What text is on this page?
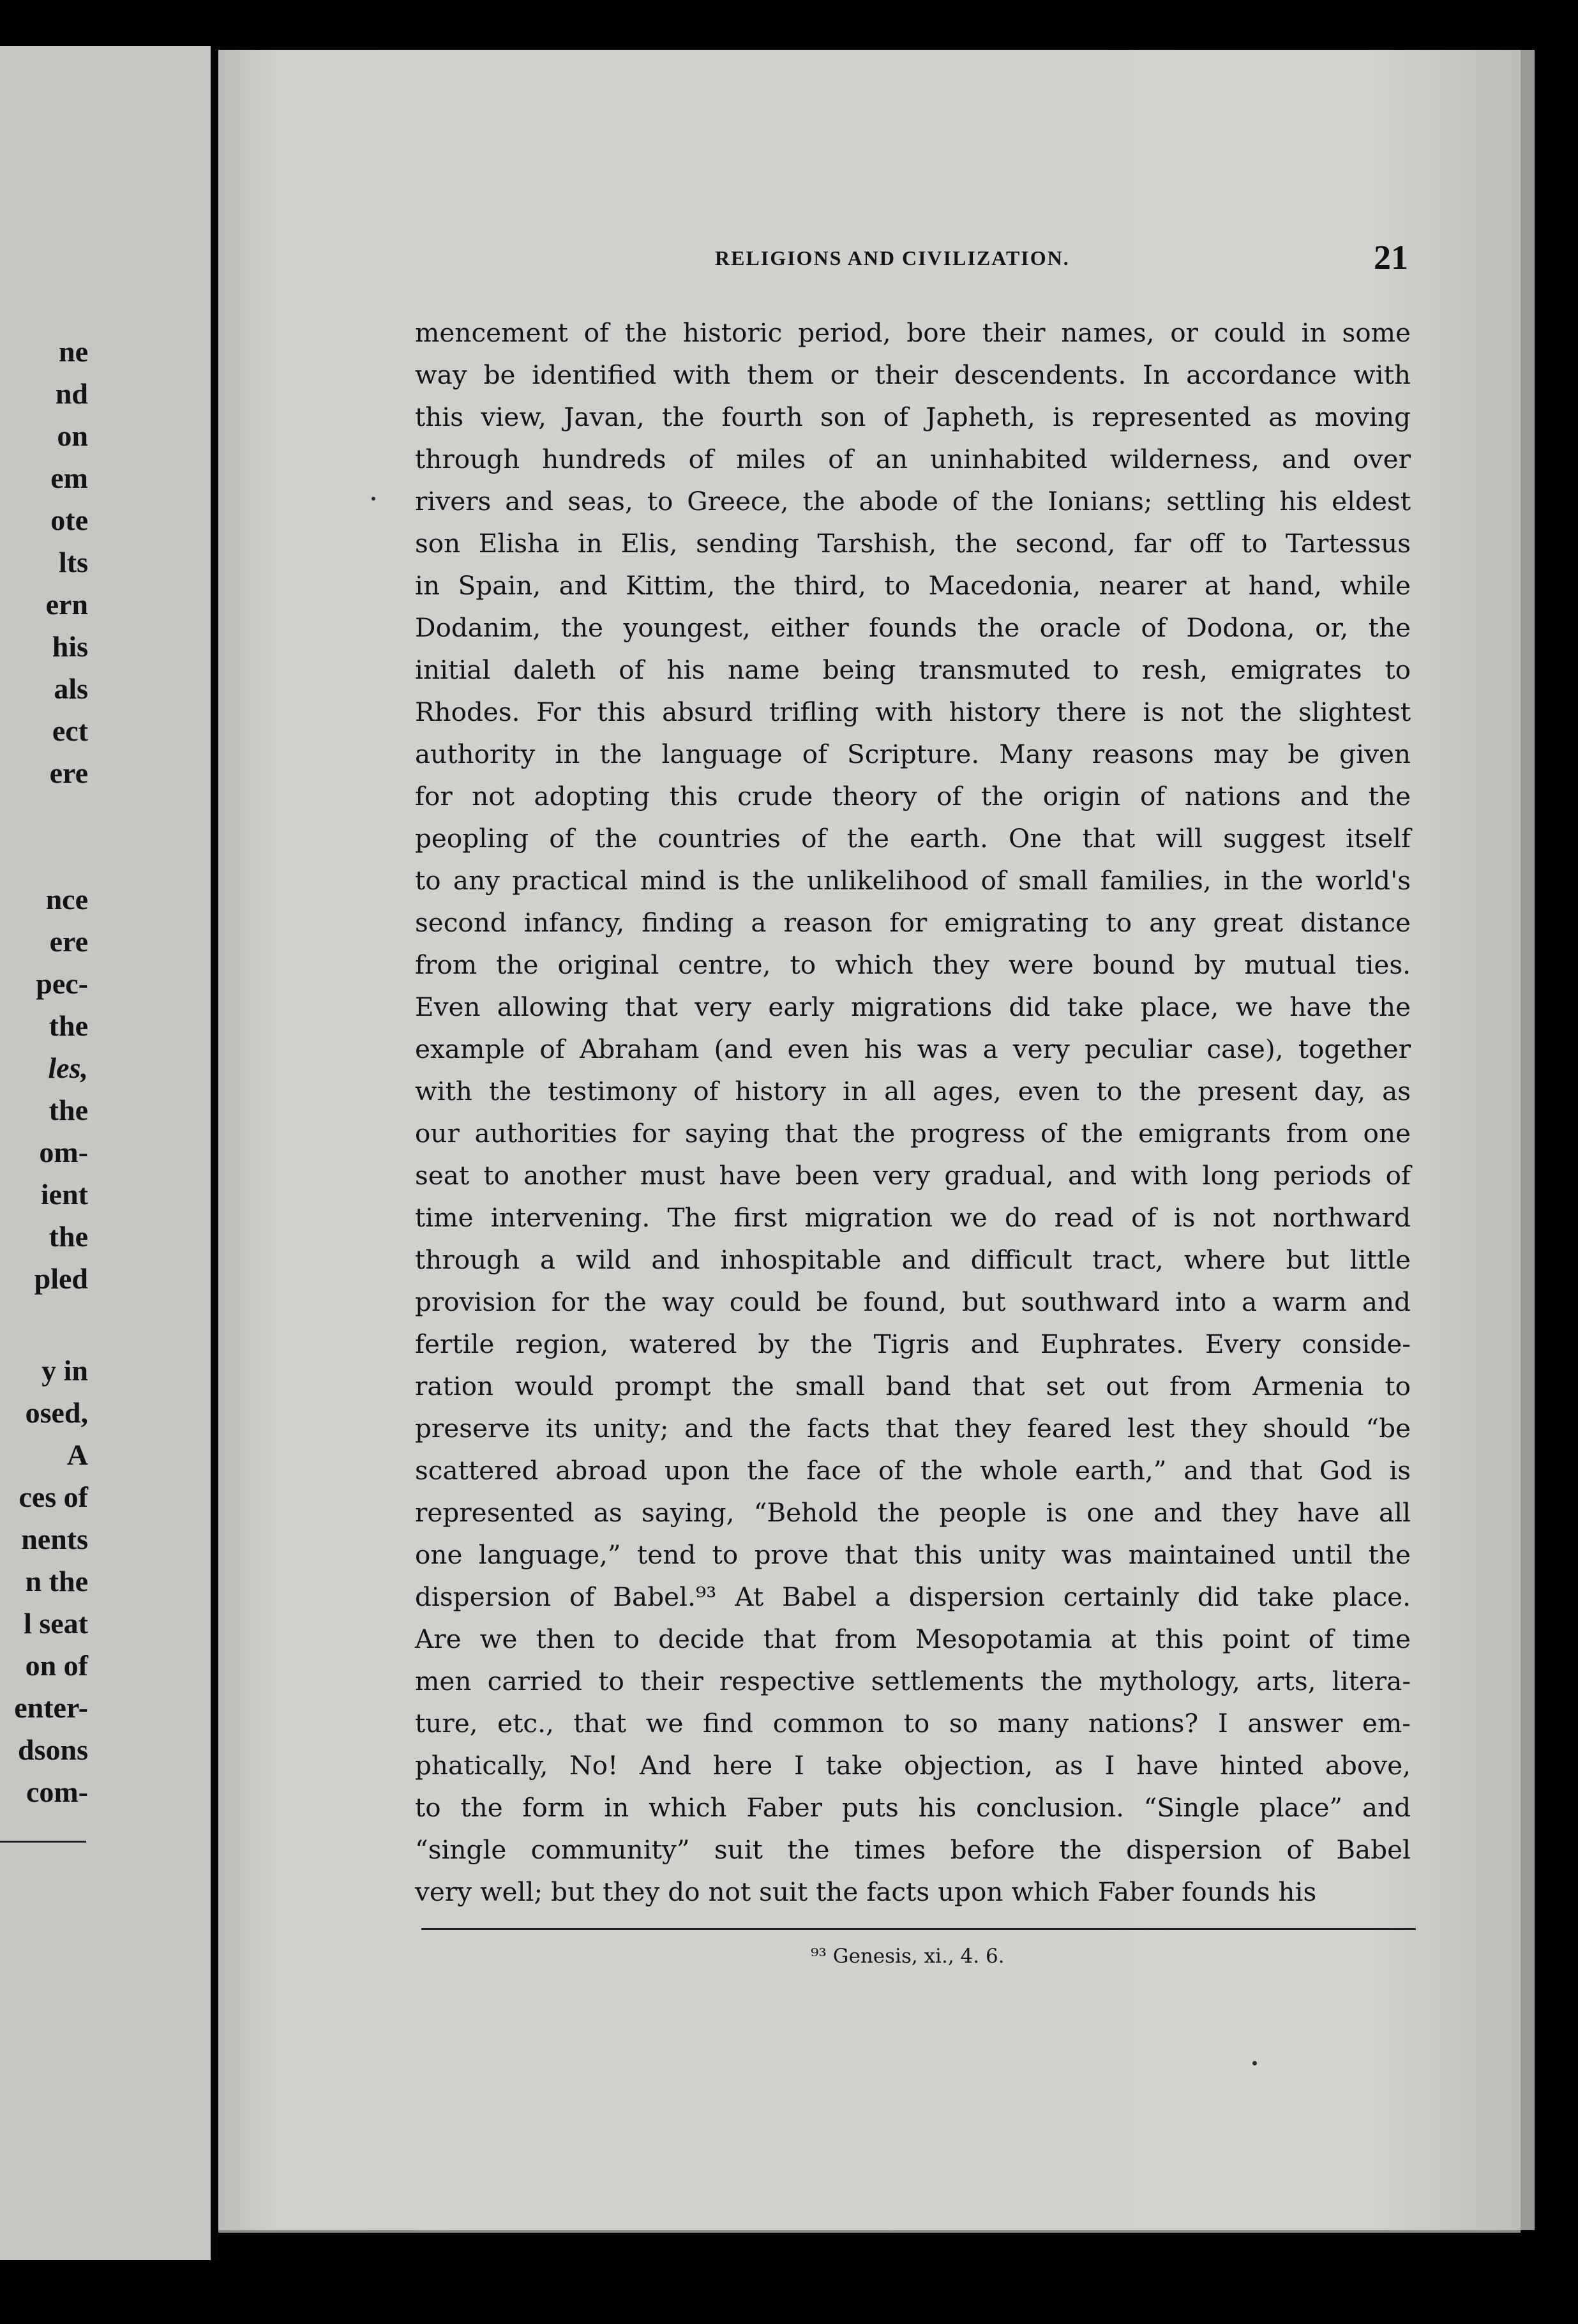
ne
nd
on
em
ote
lts
ern
his
als
ect
ere
nce
ere
pec-
the
les,
the
om-
ient
the
pled
y in
osed,
A
ces of
nents
n the
l seat
on of
enter-
dsons
com-
RELIGIONS AND CIVILIZATION.	21
mencement of the historic period, bore their names, or could in some
way be identified with them or their descendents. In accordance with
this view, Javan, the fourth son of Japheth, is represented as moving
through hundreds of miles of an uninhabited wilderness, and over
rivers and seas, to Greece, the abode of the Ionians; settling his eldest
son Elisha in Elis, sending Tarshish, the second, far off to Tartessus
in Spain, and Kittim, the third, to Macedonia, nearer at hand, while
Dodanim, the youngest, either founds the oracle of Dodona, or, the
initial daleth of his name being transmuted to resh, emigrates to
Rhodes. For this absurd trifling with history there is not the slightest
authority in the language of Scripture. Many reasons may be given
for not adopting this crude theory of the origin of nations and the
peopling of the countries of the earth. One that will suggest itself
to any practical mind is the unlikelihood of small families, in the world's
second infancy, finding a reason for emigrating to any great distance
from the original centre, to which they were bound by mutual ties.
Even allowing that very early migrations did take place, we have the
example of Abraham (and even his was a very peculiar case), together
with the testimony of history in all ages, even to the present day, as
our authorities for saying that the progress of the emigrants from one
seat to another must have been very gradual, and with long periods of
time intervening. The first migration we do read of is not northward
through a wild and inhospitable and difficult tract, where but little
provision for the way could be found, but southward into a warm and
fertile region, watered by the Tigris and Euphrates. Every conside-
ration would prompt the small band that set out from Armenia to
preserve its unity; and the facts that they feared lest they should “be
scattered abroad upon the face of the whole earth,” and that God is
represented as saying, “Behold the people is one and they have all
one language,” tend to prove that this unity was maintained until the
dispersion of Babel.⁹³ At Babel a dispersion certainly did take place.
Are we then to decide that from Mesopotamia at this point of time
men carried to their respective settlements the mythology, arts, litera-
ture, etc., that we find common to so many nations? I answer em-
phatically, No! And here I take objection, as I have hinted above,
to the form in which Faber puts his conclusion. “Single place” and
“single community” suit the times before the dispersion of Babel
very well; but they do not suit the facts upon which Faber founds his
⁹³ Genesis, xi., 4. 6.
